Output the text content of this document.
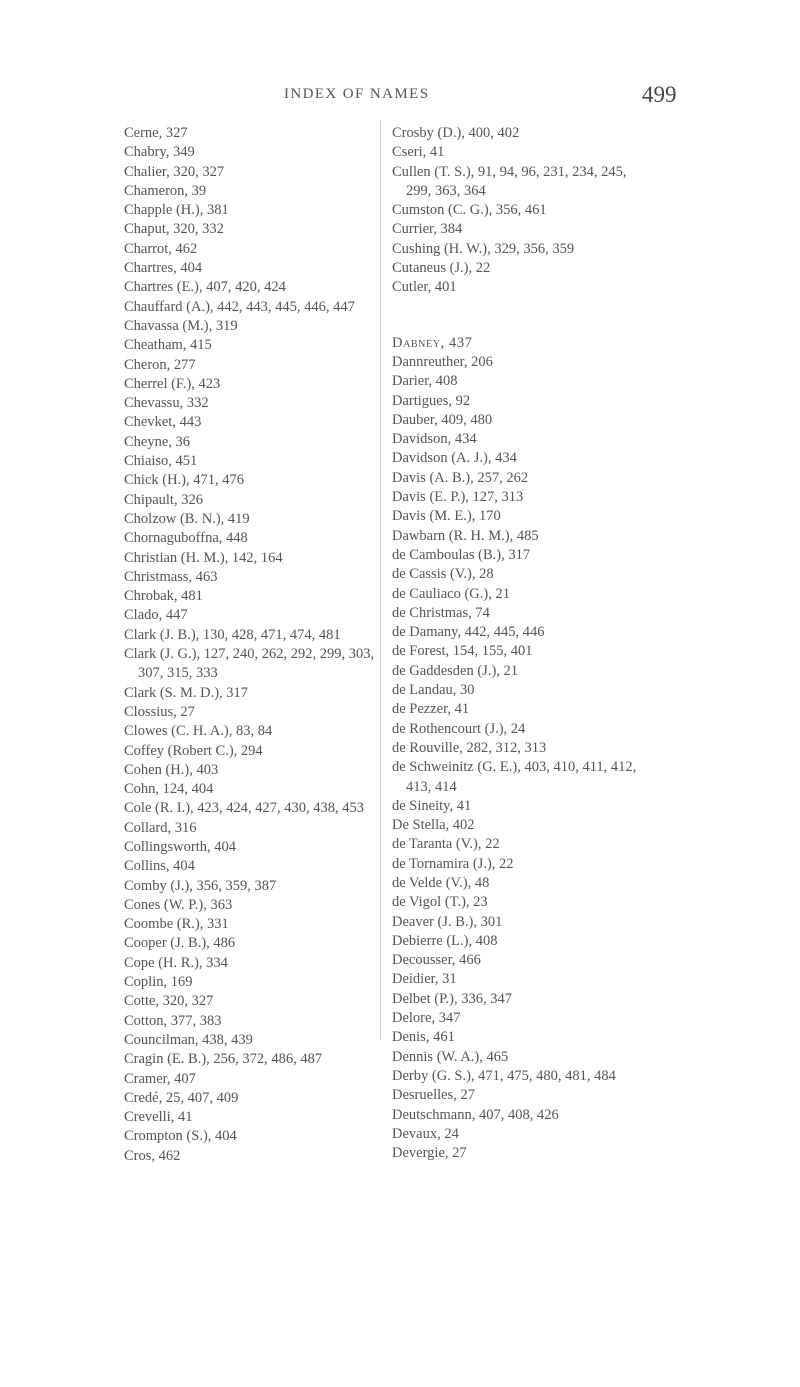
INDEX OF NAMES	499
Cerne, 327
Chabry, 349
Chalier, 320, 327
Chameron, 39
Chapple (H.), 381
Chaput, 320, 332
Charrot, 462
Chartres, 404
Chartres (E.), 407, 420, 424
Chauffard (A.), 442, 443, 445, 446, 447
Chavassa (M.), 319
Cheatham, 415
Cheron, 277
Cherrel (F.), 423
Chevassu, 332
Chevket, 443
Cheyne, 36
Chiaiso, 451
Chick (H.), 471, 476
Chipault, 326
Cholzow (B. N.), 419
Chornaguboffna, 448
Christian (H. M.), 142, 164
Christmass, 463
Chrobak, 481
Clado, 447
Clark (J. B.), 130, 428, 471, 474, 481
Clark (J. G.), 127, 240, 262, 292, 299, 303,
307, 315, 333
Clark (S. M. D.), 317
Clossius, 27
Clowes (C. H. A.), 83, 84
Coffey (Robert C.), 294
Cohen (H.), 403
Cohn, 124, 404
Cole (R. I.), 423, 424, 427, 430, 438, 453
Collard, 316
Collingsworth, 404
Collins, 404
Comby (J.), 356, 359, 387
Cones (W. P.), 363
Coombe (R.), 331
Cooper (J. B.), 486
Cope (H. R.), 334
Coplin, 169
Cotte, 320, 327
Cotton, 377, 383
Councilman, 438, 439
Cragin (E. B.), 256, 372, 486, 487
Cramer, 407
Credé, 25, 407, 409
Crevelli, 41
Crompton (S.), 404
Cros, 462
Crosby (D.), 400, 402
Cseri, 41
Cullen (T. S.), 91, 94, 96, 231, 234, 245,
299, 363, 364
Cumston (C. G.), 356, 461
Currier, 384
Cushing (H. W.), 329, 356, 359
Cutaneus (J.), 22
Cutler, 401
Dabney, 437
Dannreuther, 206
Darier, 408
Dartigues, 92
Dauber, 409, 480
Davidson, 434
Davidson (A. J.), 434
Davis (A. B.), 257, 262
Davis (E. P.), 127, 313
Davis (M. E.), 170
Dawbarn (R. H. M.), 485
de Camboulas (B.), 317
de Cassis (V.), 28
de Cauliaco (G.), 21
de Christmas, 74
de Damany, 442, 445, 446
de Forest, 154, 155, 401
de Gaddesden (J.), 21
de Landau, 30
de Pezzer, 41
de Rothencourt (J.), 24
de Rouville, 282, 312, 313
de Schweinitz (G. E.), 403, 410, 411, 412,
413, 414
de Sineity, 41
De Stella, 402
de Taranta (V.), 22
de Tornamira (J.), 22
de Velde (V.), 48
de Vigol (T.), 23
Deaver (J. B.), 301
Debierre (L.), 408
Decousser, 466
Deidier, 31
Delbet (P.), 336, 347
Delore, 347
Denis, 461
Dennis (W. A.), 465
Derby (G. S.), 471, 475, 480, 481, 484
Desruelles, 27
Deutschmann, 407, 408, 426
Devaux, 24
Devergie, 27
